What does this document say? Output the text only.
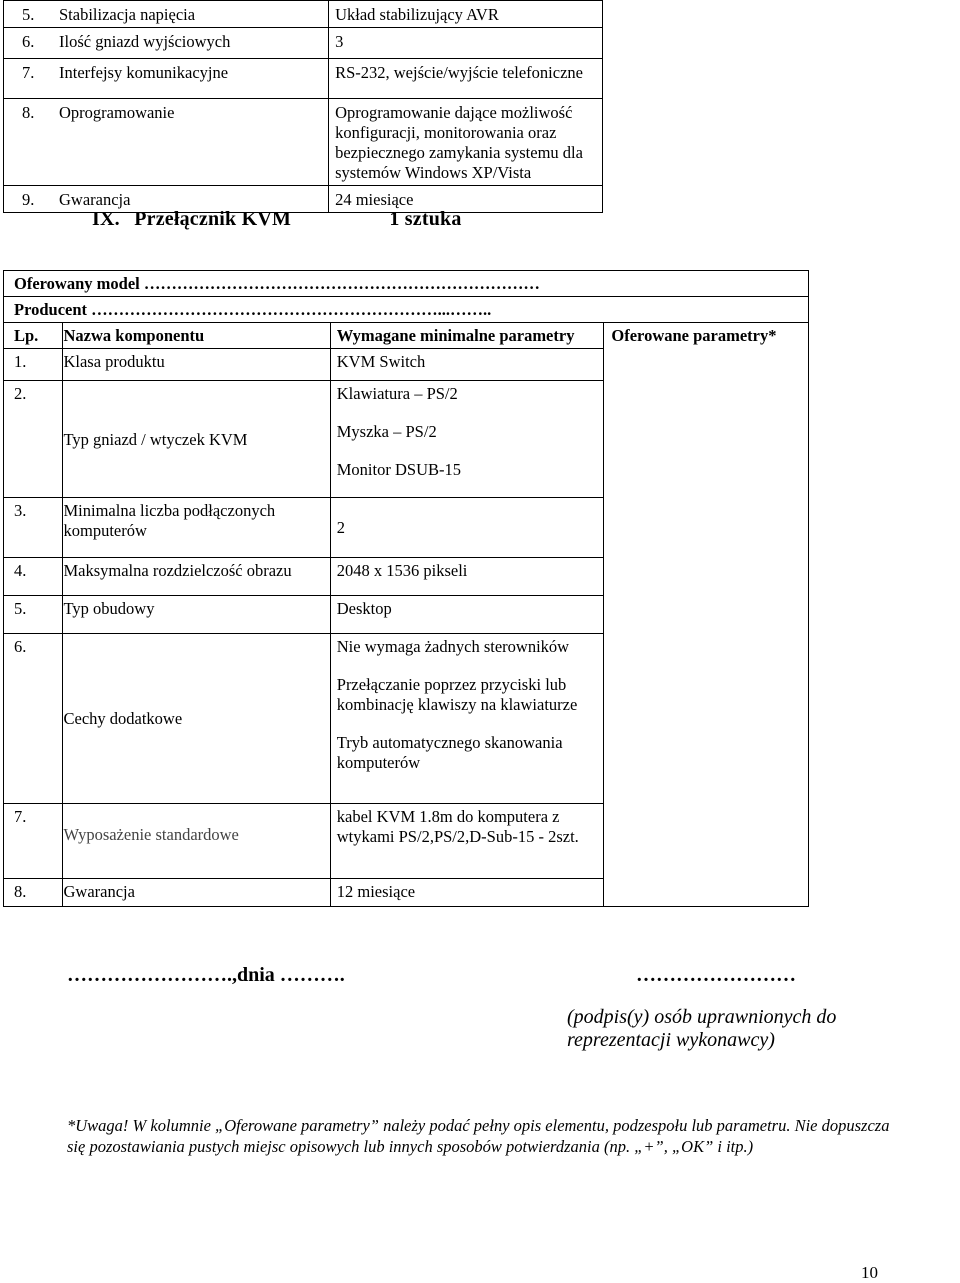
5. Stabilizacja napięcia	Układ stabilizujący AVR
6. Ilość gniazd wyjściowych	3
7. Interfejsy komunikacyjne	RS-232, wejście/wyjście telefoniczne
8. Oprogramowanie	Oprogramowanie dające możliwość konfiguracji, monitorowania oraz bezpiecznego zamykania systemu dla systemów Windows XP/Vista
9. Gwarancja	24 miesiące
IX. Przełącznik KVM	1 sztuka
Oferowany model ………………………………………………………………			
Producent ………………………………………………………...……..			
Lp.	Nazwa komponentu	Wymagane minimalne parametry	Oferowane parametry*
1.	Klasa produktu	KVM Switch	
2.	Typ gniazd / wtyczek KVM	Klawiatura – PS/2
Myszka – PS/2
Monitor DSUB-15	

3.	Minimalna liczba podłączonych komputerów	2	
4.	Maksymalna rozdzielczość obrazu	2048 x 1536 pikseli	
5.	Typ obudowy	Desktop	
6.	Cechy dodatkowe	Nie wymaga żadnych sterowników
Przełączanie poprzez przyciski lub kombinację klawiszy na klawiaturze
Tryb automatycznego skanowania komputerów	

7.	Wyposażenie standardowe	kabel KVM 1.8m do komputera z wtykami PS/2,PS/2,D-Sub-15 - 2szt.	
8.	Gwarancja	12 miesiące	
…………………….,dnia ……….	……………………
(podpis(y) osób uprawnionych do reprezentacji wykonawcy)
*Uwaga! W kolumnie „Oferowane parametry” należy podać pełny opis elementu, podzespołu lub parametru. Nie dopuszcza się pozostawiania pustych miejsc opisowych lub innych sposobów potwierdzania (np. „+”, „OK” i itp.)
10
